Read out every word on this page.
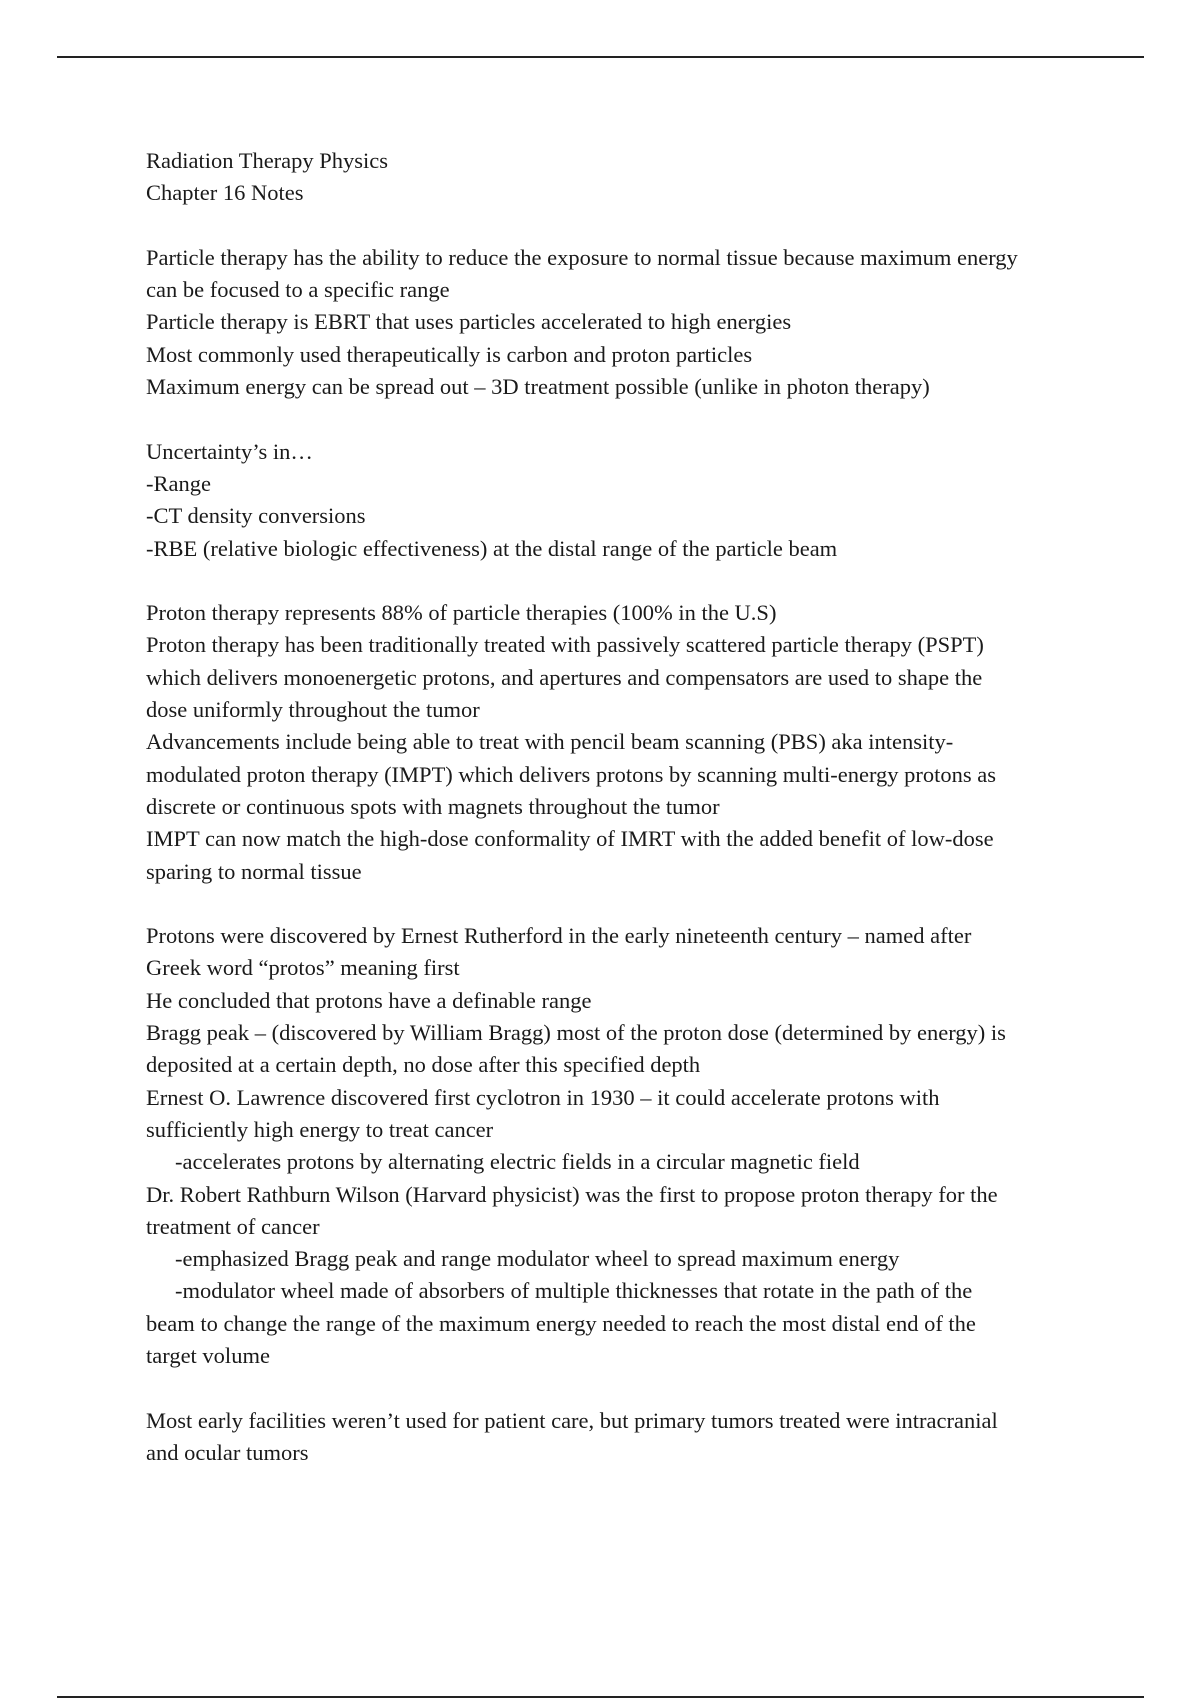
Radiation Therapy Physics
Chapter 16 Notes
Particle therapy has the ability to reduce the exposure to normal tissue because maximum energy
can be focused to a specific range
Particle therapy is EBRT that uses particles accelerated to high energies
Most commonly used therapeutically is carbon and proton particles
Maximum energy can be spread out – 3D treatment possible (unlike in photon therapy)
Uncertainty’s in…
-Range
-CT density conversions
-RBE (relative biologic effectiveness) at the distal range of the particle beam
Proton therapy represents 88% of particle therapies (100% in the U.S)
Proton therapy has been traditionally treated with passively scattered particle therapy (PSPT)
which delivers monoenergetic protons, and apertures and compensators are used to shape the
dose uniformly throughout the tumor
Advancements include being able to treat with pencil beam scanning (PBS) aka intensity-
modulated proton therapy (IMPT) which delivers protons by scanning multi-energy protons as
discrete or continuous spots with magnets throughout the tumor
IMPT can now match the high-dose conformality of IMRT with the added benefit of low-dose
sparing to normal tissue
Protons were discovered by Ernest Rutherford in the early nineteenth century – named after
Greek word “protos” meaning first
He concluded that protons have a definable range
Bragg peak – (discovered by William Bragg) most of the proton dose (determined by energy) is
deposited at a certain depth, no dose after this specified depth
Ernest O. Lawrence discovered first cyclotron in 1930 – it could accelerate protons with
sufficiently high energy to treat cancer
-accelerates protons by alternating electric fields in a circular magnetic field
Dr. Robert Rathburn Wilson (Harvard physicist) was the first to propose proton therapy for the
treatment of cancer
-emphasized Bragg peak and range modulator wheel to spread maximum energy
-modulator wheel made of absorbers of multiple thicknesses that rotate in the path of the
beam to change the range of the maximum energy needed to reach the most distal end of the
target volume
Most early facilities weren’t used for patient care, but primary tumors treated were intracranial
and ocular tumors
